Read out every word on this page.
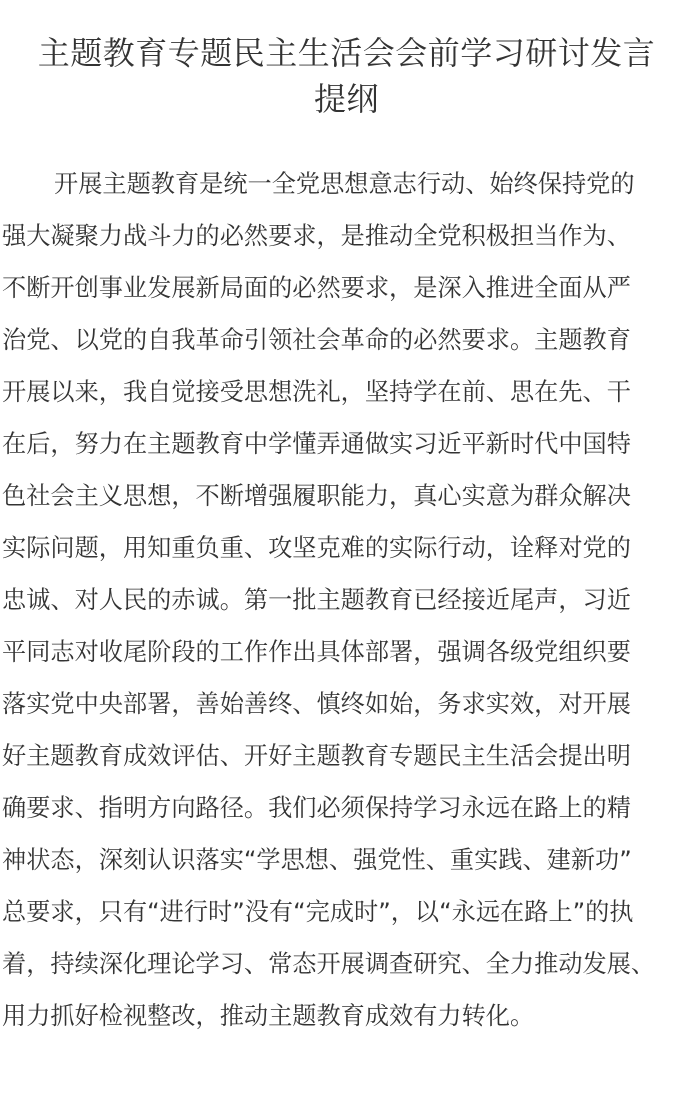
主题教育专题民主生活会会前学习研讨发言
提纲
开展主题教育是统一全党思想意志行动、始终保持党的
强大凝聚力战斗力的必然要求，是推动全党积极担当作为、
不断开创事业发展新局面的必然要求，是深入推进全面从严
治党、以党的自我革命引领社会革命的必然要求。主题教育
开展以来，我自觉接受思想洗礼，坚持学在前、思在先、干
在后，努力在主题教育中学懂弄通做实习近平新时代中国特
色社会主义思想，不断增强履职能力，真心实意为群众解决
实际问题，用知重负重、攻坚克难的实际行动，诠释对党的
忠诚、对人民的赤诚。第一批主题教育已经接近尾声，习近
平同志对收尾阶段的工作作出具体部署，强调各级党组织要
落实党中央部署，善始善终、慎终如始，务求实效，对开展
好主题教育成效评估、开好主题教育专题民主生活会提出明
确要求、指明方向路径。我们必须保持学习永远在路上的精
神状态，深刻认识落实“学思想、强党性、重实践、建新功”
总要求，只有“进行时”没有“完成时”，以“永远在路上”的执
着，持续深化理论学习、常态开展调查研究、全力推动发展、
用力抓好检视整改，推动主题教育成效有力转化。
